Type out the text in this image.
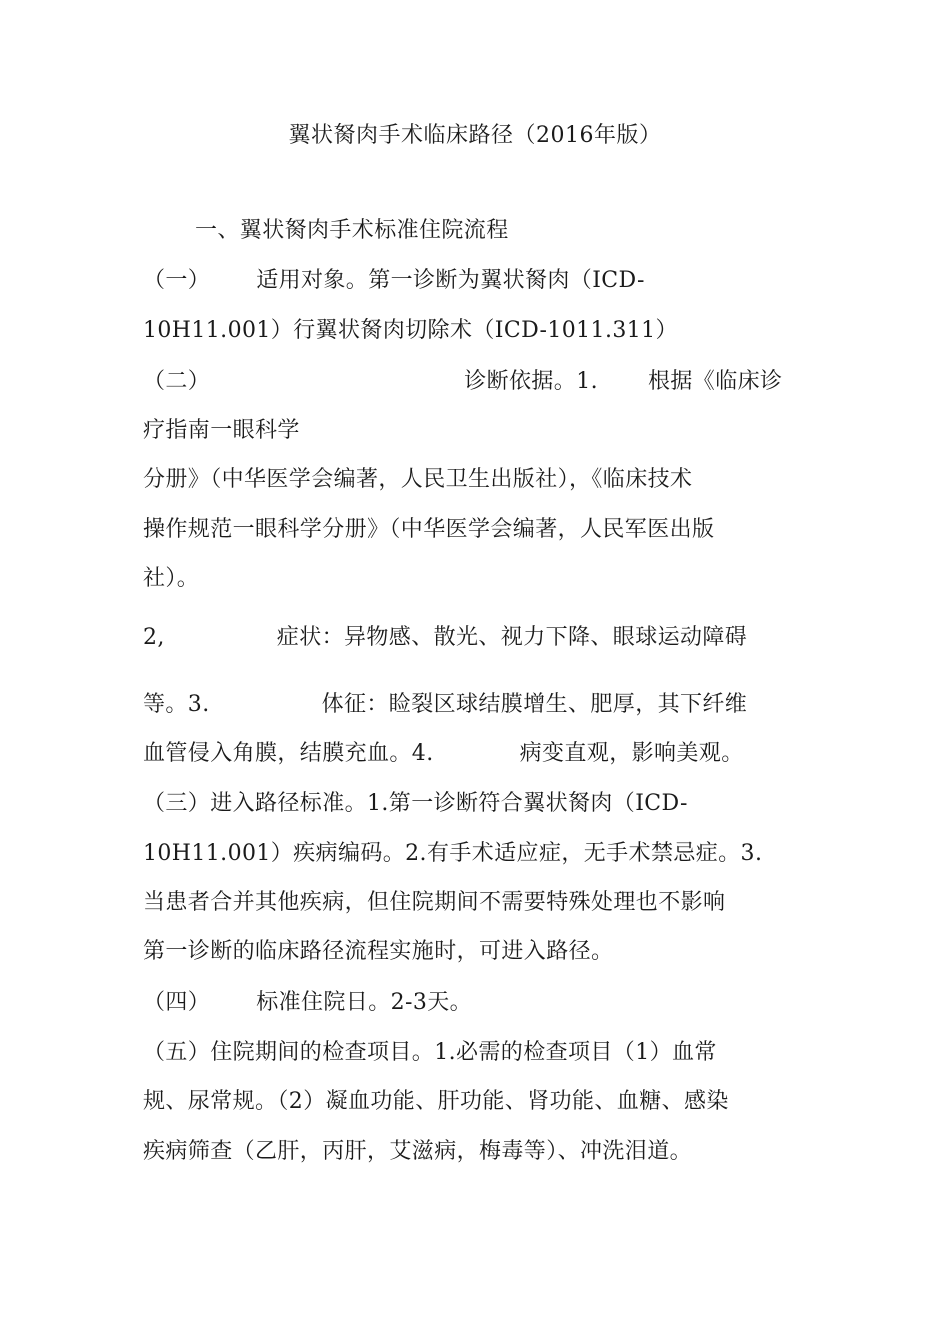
翼状胬肉手术临床路径（2016年版）
一、翼状胬肉手术标准住院流程
（一） 适用对象。第一诊断为翼状胬肉（ICD-
10H11.001）行翼状胬肉切除术（ICD-1011.311）
（二）	诊断依据。1. 根据《临床诊
疗指南一眼科学
分册》（中华医学会编著，人民卫生出版社），《临床技术
操作规范一眼科学分册》（中华医学会编著，人民军医出版
社）。
2,	症状：异物感、散光、视力下降、眼球运动障碍
等。3.	体征：睑裂区球结膜增生、肥厚，其下纤维
血管侵入角膜，结膜充血。4.	病变直观，影响美观。
（三）进入路径标准。1.第一诊断符合翼状胬肉（ICD-
10H11.001）疾病编码。2.有手术适应症，无手术禁忌症。3.
当患者合并其他疾病，但住院期间不需要特殊处理也不影响
第一诊断的临床路径流程实施时，可进入路径。
（四） 标准住院日。2-3天。
（五）住院期间的检查项目。1.必需的检查项目（1）血常
规、尿常规。（2）凝血功能、肝功能、肾功能、血糖、感染
疾病筛查（乙肝，丙肝，艾滋病，梅毒等）、冲洗泪道。
